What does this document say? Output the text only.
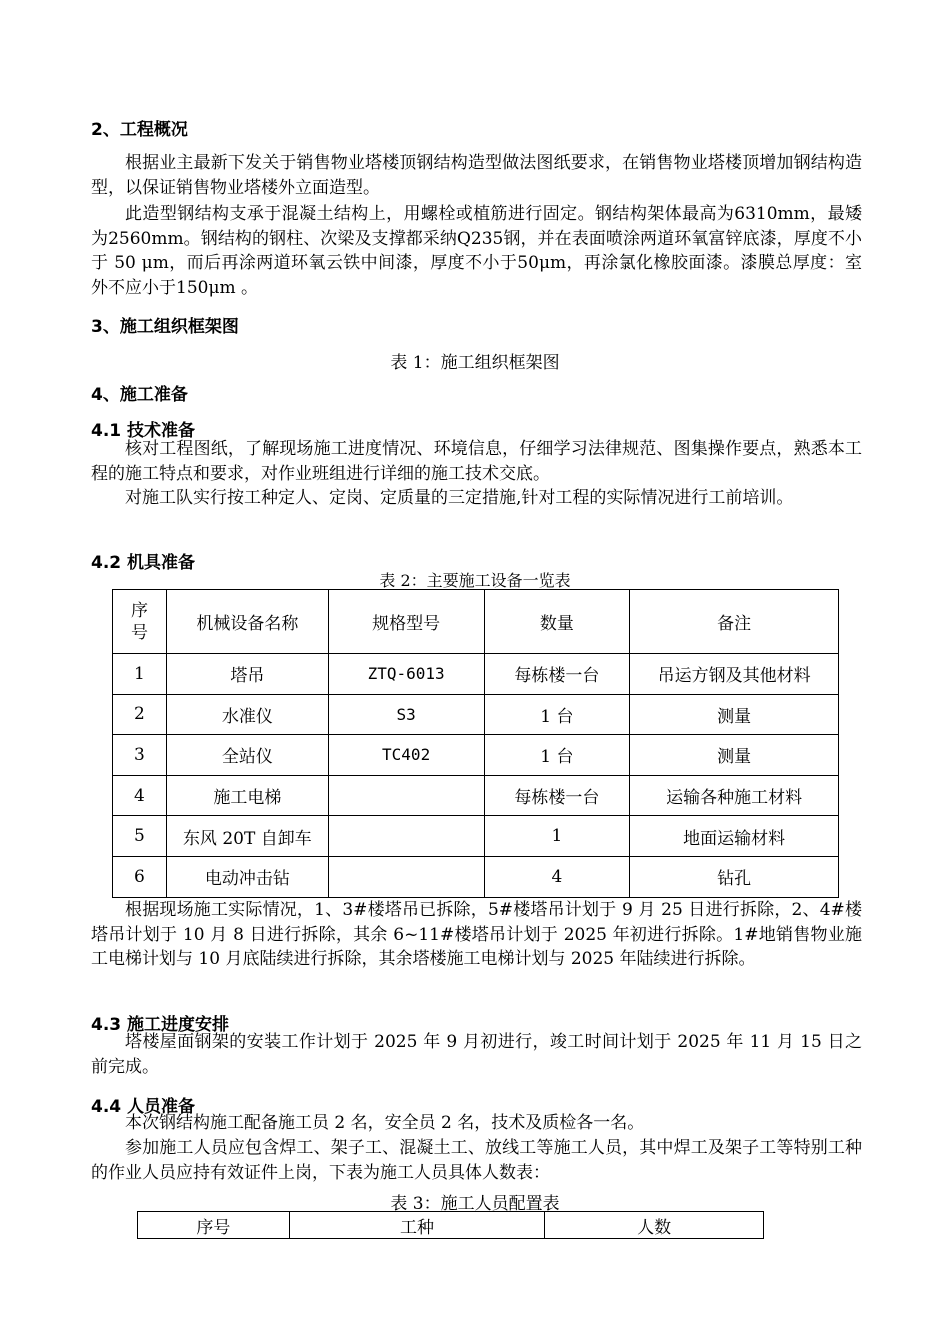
2、工程概况
根据业主最新下发关于销售物业塔楼顶钢结构造型做法图纸要求，在销售物业塔楼顶增加钢结构造型，以保证销售物业塔楼外立面造型。
此造型钢结构支承于混凝土结构上，用螺栓或植筋进行固定。钢结构架体最高为6310mm，最矮为2560mm。钢结构的钢柱、次梁及支撑都采纳Q235钢，并在表面喷涂两道环氧富锌底漆，厚度不小于 50 μm，而后再涂两道环氧云铁中间漆，厚度不小于50μm，再涂氯化橡胶面漆。漆膜总厚度：室外不应小于150μm 。
3、施工组织框架图
表 1：施工组织框架图
4、施工准备
4.1 技术准备
核对工程图纸，了解现场施工进度情况、环境信息，仔细学习法律规范、图集操作要点，熟悉本工程的施工特点和要求，对作业班组进行详细的施工技术交底。
对施工队实行按工种定人、定岗、定质量的三定措施,针对工程的实际情况进行工前培训。
4.2 机具准备
表 2：主要施工设备一览表
序号	机械设备名称	规格型号	数量	备注
1	塔吊	ZTQ-6013	每栋楼一台	吊运方钢及其他材料
2	水准仪	S3	1 台	测量
3	全站仪	TC402	1 台	测量
4	施工电梯		每栋楼一台	运输各种施工材料
5	东风 20T 自卸车		1	地面运输材料
6	电动冲击钻		4	钻孔
根据现场施工实际情况，1、3#楼塔吊已拆除，5#楼塔吊计划于 9 月 25 日进行拆除，2、4#楼塔吊计划于 10 月 8 日进行拆除，其余 6~11#楼塔吊计划于 2025 年初进行拆除。1#地销售物业施工电梯计划与 10 月底陆续进行拆除，其余塔楼施工电梯计划与 2025 年陆续进行拆除。
4.3 施工进度安排
塔楼屋面钢架的安装工作计划于 2025 年 9 月初进行，竣工时间计划于 2025 年 11 月 15 日之前完成。
4.4 人员准备
本次钢结构施工配备施工员 2 名，安全员 2 名，技术及质检各一名。
参加施工人员应包含焊工、架子工、混凝土工、放线工等施工人员，其中焊工及架子工等特别工种的作业人员应持有效证件上岗，下表为施工人员具体人数表：
表 3：施工人员配置表
序号	工种	人数
